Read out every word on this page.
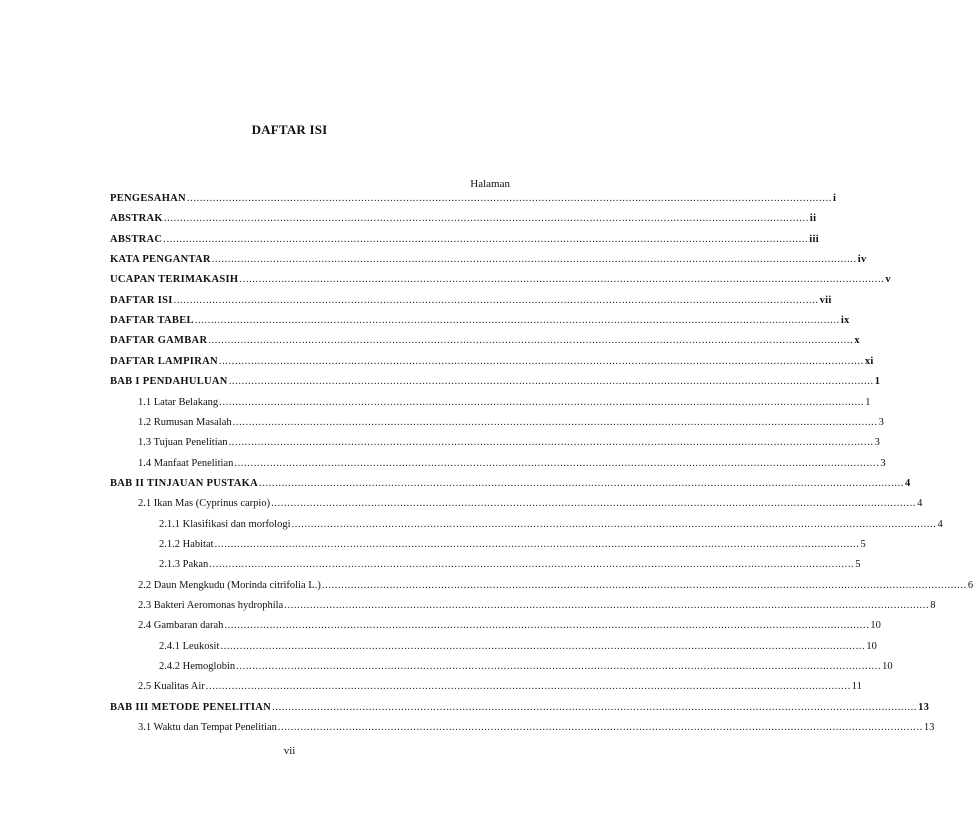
DAFTAR ISI
Halaman
PENGESAHAN ........................................................................................................................................................................................................ i
ABSTRAK ........................................................................................................................................................................................................ ii
ABSTRAC ........................................................................................................................................................................................................ iii
KATA PENGANTAR ........................................................................................................................................................................................................ iv
UCAPAN TERIMAKASIH ........................................................................................................................................................................................................ v
DAFTAR ISI ........................................................................................................................................................................................................ vii
DAFTAR TABEL ........................................................................................................................................................................................................ ix
DAFTAR GAMBAR ........................................................................................................................................................................................................ x
DAFTAR LAMPIRAN ........................................................................................................................................................................................................ xi
BAB I PENDAHULUAN ........................................................................................................................................................................................................ 1
1.1 Latar Belakang ........................................................................................................................................................................................................ 1
1.2 Rumusan Masalah ........................................................................................................................................................................................................ 3
1.3 Tujuan Penelitian ........................................................................................................................................................................................................ 3
1.4 Manfaat Penelitian ........................................................................................................................................................................................................ 3
BAB II TINJAUAN PUSTAKA ........................................................................................................................................................................................................ 4
2.1 Ikan Mas (Cyprinus carpio) ........................................................................................................................................................................................................ 4
2.1.1 Klasifikasi dan morfologi ........................................................................................................................................................................................................ 4
2.1.2 Habitat ........................................................................................................................................................................................................ 5
2.1.3 Pakan ........................................................................................................................................................................................................ 5
2.2 Daun Mengkudu (Morinda citrifolia L.) ........................................................................................................................................................................................................ 6
2.3 Bakteri Aeromonas hydrophila ........................................................................................................................................................................................................ 8
2.4 Gambaran darah ........................................................................................................................................................................................................ 10
2.4.1 Leukosit ........................................................................................................................................................................................................ 10
2.4.2 Hemoglobin ........................................................................................................................................................................................................ 10
2.5 Kualitas Air ........................................................................................................................................................................................................ 11
BAB III METODE PENELITIAN ........................................................................................................................................................................................................ 13
3.1 Waktu dan Tempat Penelitian ........................................................................................................................................................................................................ 13
vii
